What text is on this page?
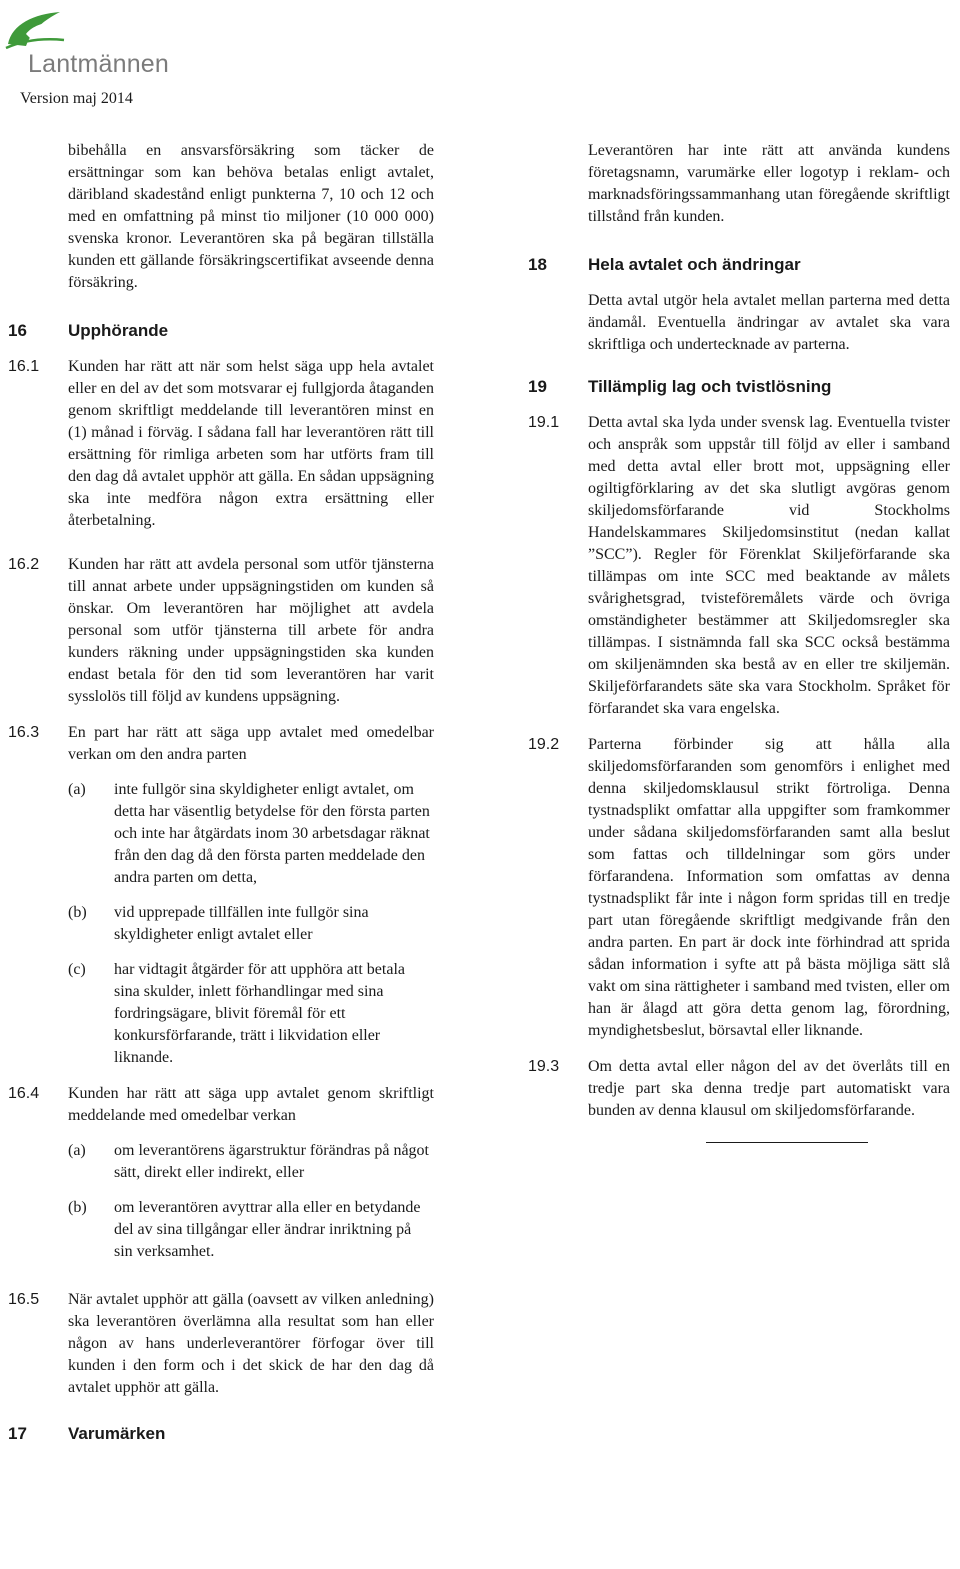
Lantmännen
Version maj 2014

bibehålla en ansvarsförsäkring som täcker de ersättningar som kan behöva betalas enligt avtalet, däribland skadestånd enligt punkterna 7, 10 och 12 och med en omfattning på minst tio miljoner (10 000 000) svenska kronor. Leverantören ska på begäran tillställa kunden ett gällande försäkringscertifikat avseende denna försäkring.

16	Upphörande
16.1	Kunden har rätt att när som helst säga upp hela avtalet eller en del av det som motsvarar ej fullgjorda åtaganden genom skriftligt meddelande till leverantören minst en (1) månad i förväg. I sådana fall har leverantören rätt till ersättning för rimliga arbeten som har utförts fram till den dag då avtalet upphör att gälla. En sådan uppsägning ska inte medföra någon extra ersättning eller återbetalning.
16.2	Kunden har rätt att avdela personal som utför tjänsterna till annat arbete under uppsägningstiden om kunden så önskar. Om leverantören har möjlighet att avdela personal som utför tjänsterna till arbete för andra kunders räkning under uppsägningstiden ska kunden endast betala för den tid som leverantören har varit sysslolös till följd av kundens uppsägning.
16.3	En part har rätt att säga upp avtalet med omedelbar verkan om den andra parten
(a)	inte fullgör sina skyldigheter enligt avtalet, om detta har väsentlig betydelse för den första parten och inte har åtgärdats inom 30 arbetsdagar räknat från den dag då den första parten meddelade den andra parten om detta,
(b)	vid upprepade tillfällen inte fullgör sina skyldigheter enligt avtalet eller
(c)	har vidtagit åtgärder för att upphöra att betala sina skulder, inlett förhandlingar med sina fordringsägare, blivit föremål för ett konkursförfarande, trätt i likvidation eller liknande.
16.4	Kunden har rätt att säga upp avtalet genom skriftligt meddelande med omedelbar verkan
(a)	om leverantörens ägarstruktur förändras på något sätt, direkt eller indirekt, eller
(b)	om leverantören avyttrar alla eller en betydande del av sina tillgångar eller ändrar inriktning på sin verksamhet.
16.5	När avtalet upphör att gälla (oavsett av vilken anledning) ska leverantören överlämna alla resultat som han eller någon av hans underleverantörer förfogar över till kunden i den form och i det skick de har den dag då avtalet upphör att gälla.
17	Varumärken

Leverantören har inte rätt att använda kundens företagsnamn, varumärke eller logotyp i reklam- och marknadsföringssammanhang utan föregående skriftligt tillstånd från kunden.

18	Hela avtalet och ändringar

Detta avtal utgör hela avtalet mellan parterna med detta ändamål. Eventuella ändringar av avtalet ska vara skriftliga och undertecknade av parterna.

19	Tillämplig lag och tvistlösning
19.1	Detta avtal ska lyda under svensk lag. Eventuella tvister och anspråk som uppstår till följd av eller i samband med detta avtal eller brott mot, uppsägning eller ogiltigförklaring av det ska slutligt avgöras genom skiljedomsförfarande vid Stockholms Handelskammares Skiljedomsinstitut (nedan kallat ”SCC”). Regler för Förenklat Skiljeförfarande ska tillämpas om inte SCC med beaktande av målets svårighetsgrad, tvisteföremålets värde och övriga omständigheter bestämmer att Skiljedomsregler ska tillämpas. I sistnämnda fall ska SCC också bestämma om skiljenämnden ska bestå av en eller tre skiljemän. Skiljeförfarandets säte ska vara Stockholm. Språket för förfarandet ska vara engelska.
19.2	Parterna förbinder sig att hålla alla skiljedomsförfaranden som genomförs i enlighet med denna skiljedomsklausul strikt förtroliga. Denna tystnadsplikt omfattar alla uppgifter som framkommer under sådana skiljedomsförfaranden samt alla beslut som fattas och tilldelningar som görs under förfarandena. Information som omfattas av denna tystnadsplikt får inte i någon form spridas till en tredje part utan föregående skriftligt medgivande från den andra parten. En part är dock inte förhindrad att sprida sådan information i syfte att på bästa möjliga sätt slå vakt om sina rättigheter i samband med tvisten, eller om han är ålagd att göra detta genom lag, förordning, myndighetsbeslut, börsavtal eller liknande.
19.3	Om detta avtal eller någon del av det överlåts till en tredje part ska denna tredje part automatiskt vara bunden av denna klausul om skiljedomsförfarande.
